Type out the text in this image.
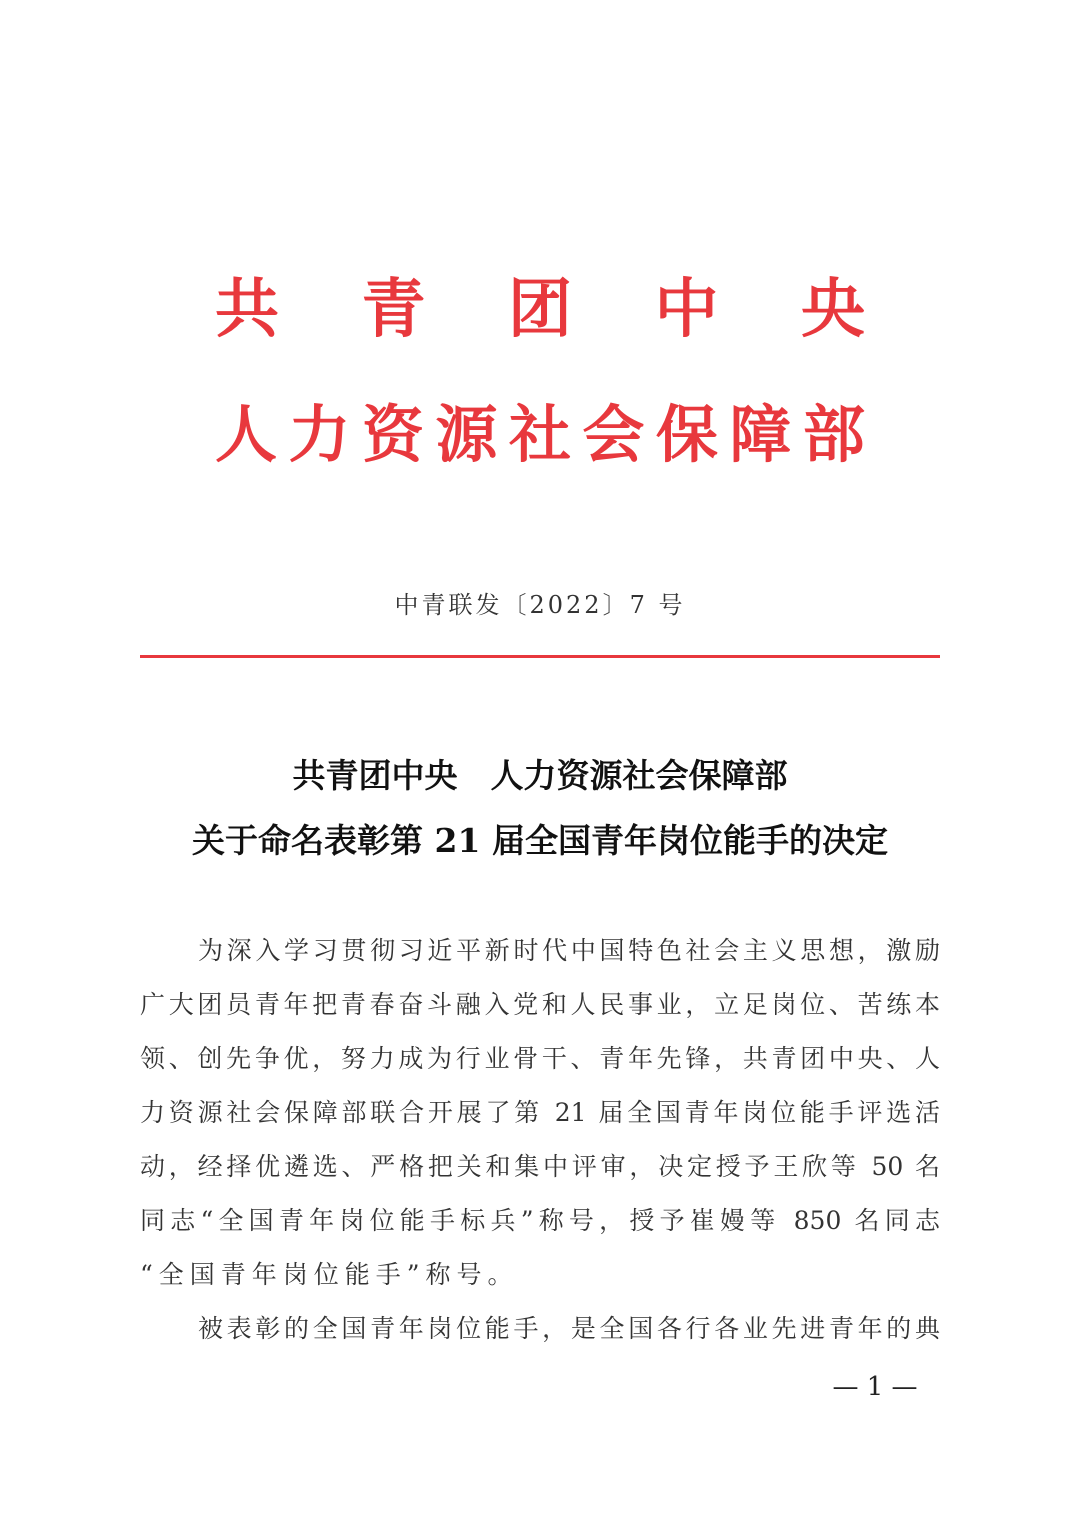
共 青 团 中 央
人 力 资 源 社 会 保 障 部
中青联发〔2022〕7 号
共青团中央　人力资源社会保障部
关于命名表彰第 21 届全国青年岗位能手的决定
为深入学习贯彻习近平新时代中国特色社会主义思想，激励
广大团员青年把青春奋斗融入党和人民事业，立足岗位、苦练本
领、创先争优，努力成为行业骨干、青年先锋，共青团中央、人
力资源社会保障部联合开展了第 21 届全国青年岗位能手评选活
动，经择优遴选、严格把关和集中评审，决定授予王欣等 50 名
同志“全国青年岗位能手标兵”称号，授予崔嫚等 850 名同志
“全国青年岗位能手”称号。
被表彰的全国青年岗位能手，是全国各行各业先进青年的典
— 1 —
